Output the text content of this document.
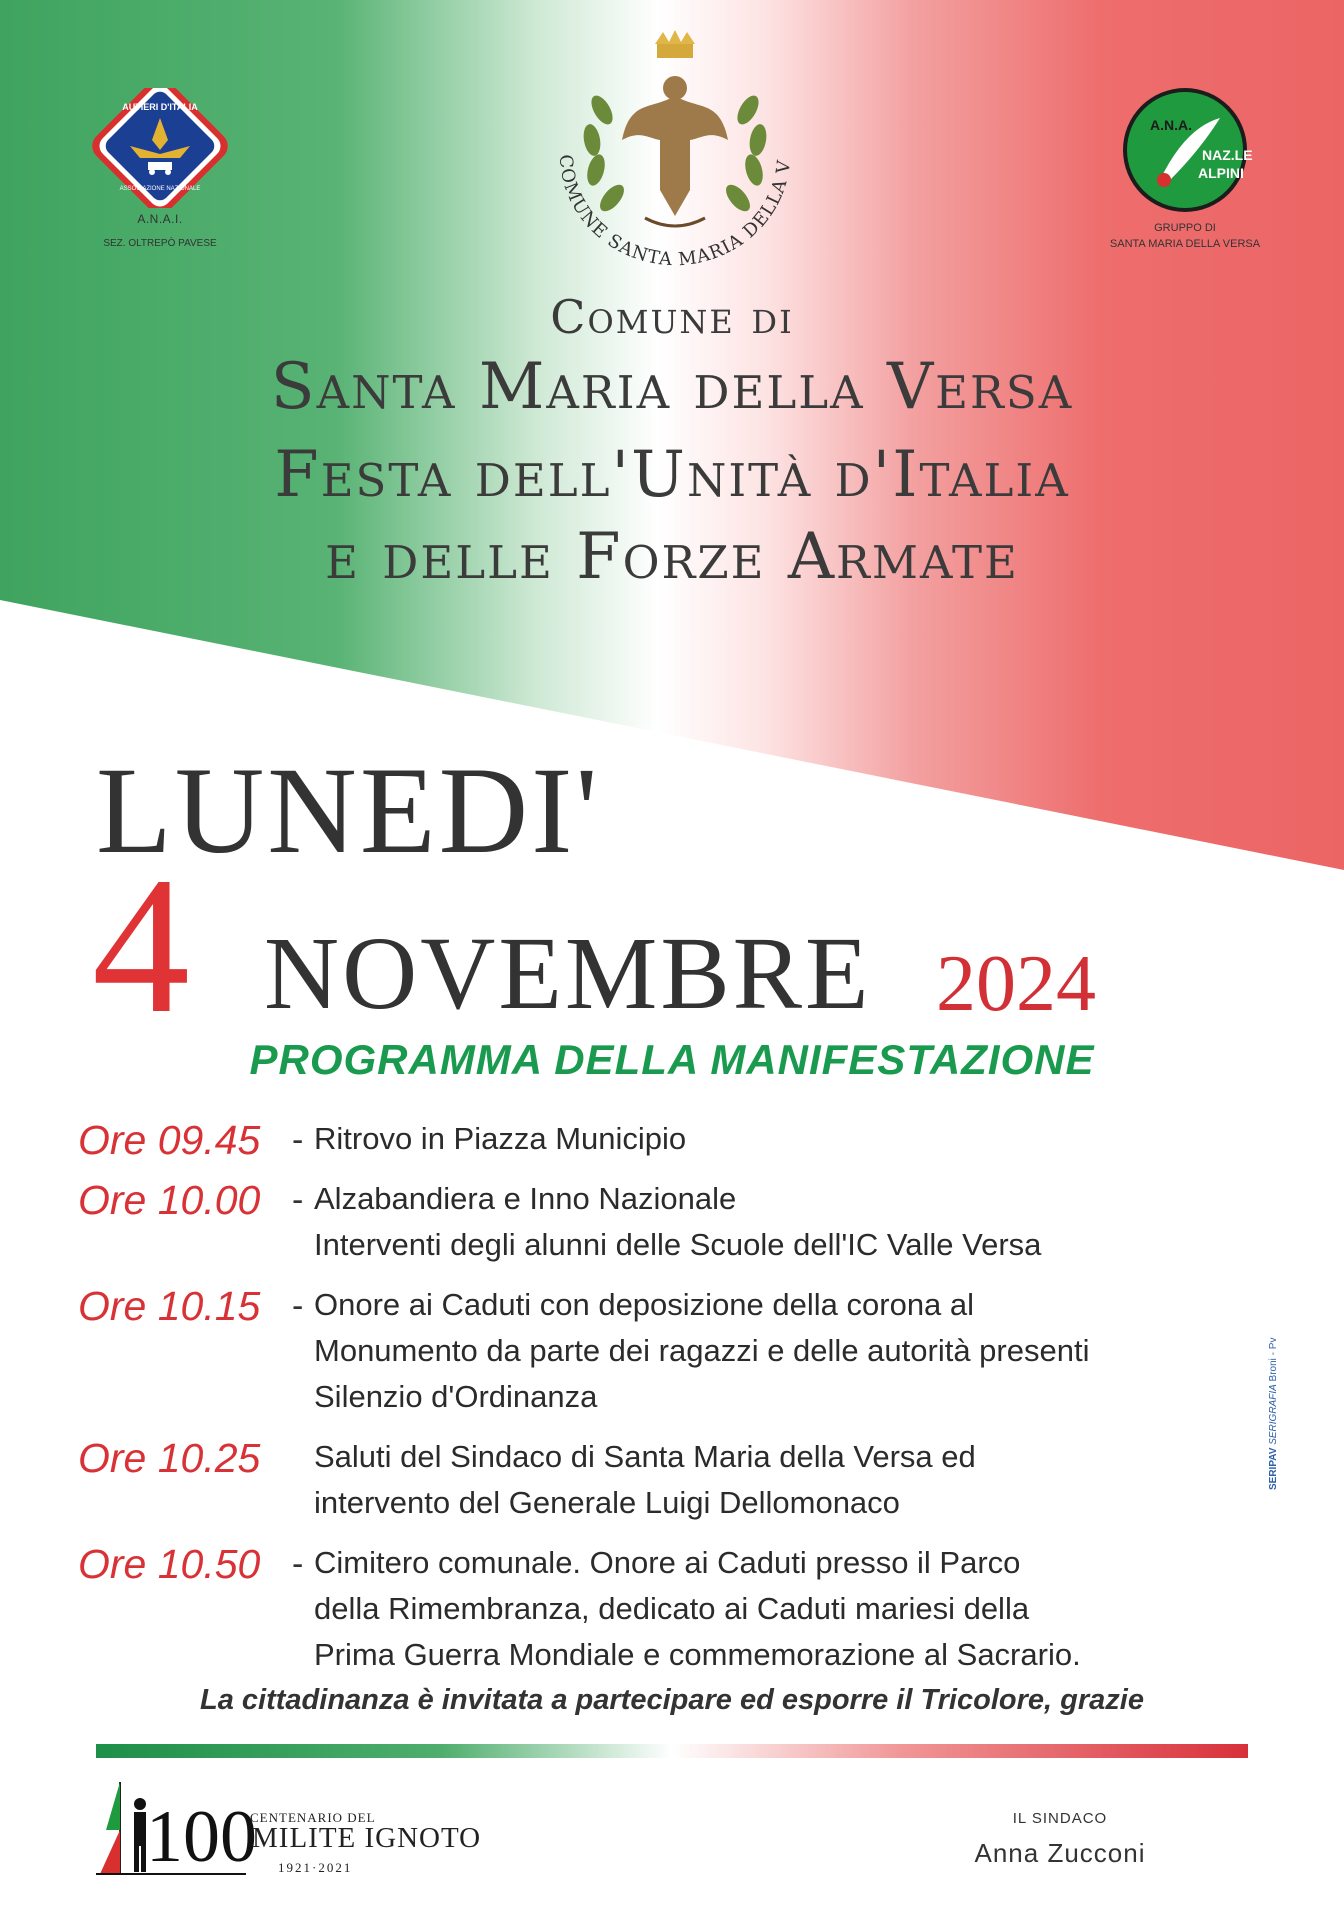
AUTIERI D'ITALIA
ASSOCIAZIONE NAZIONALE
A.N.A.I.
SEZ. OLTREPÒ PAVESE
COMUNE SANTA MARIA DELLA V
A.N.A.
NAZ.LE
ALPINI
GRUPPO DI
SANTA MARIA DELLA VERSA
Comune di
Santa Maria della Versa
Festa dell'Unità d'Italia
e delle Forze Armate
LUNEDI'
4 NOVEMBRE 2024
PROGRAMMA DELLA MANIFESTAZIONE
Ore 09.45 - Ritrovo in Piazza Municipio
Ore 10.00 - Alzabandiera e Inno Nazionale
Interventi degli alunni delle Scuole dell'IC Valle Versa
Ore 10.15 - Onore ai Caduti con deposizione della corona al
Monumento da parte dei ragazzi e delle autorità presenti
Silenzio d'Ordinanza
Ore 10.25	Saluti del Sindaco di Santa Maria della Versa ed
intervento del Generale Luigi Dellomonaco
Ore 10.50 - Cimitero comunale. Onore ai Caduti presso il Parco
della Rimembranza, dedicato ai Caduti mariesi della
Prima Guerra Mondiale e commemorazione al Sacrario.
La cittadinanza è invitata a partecipare ed esporre il Tricolore, grazie
100
CENTENARIO DEL
MILITE IGNOTO
1921·2021
IL SINDACO
Anna Zucconi
SERIPAV SERIGRAFIA Broni - Pv
